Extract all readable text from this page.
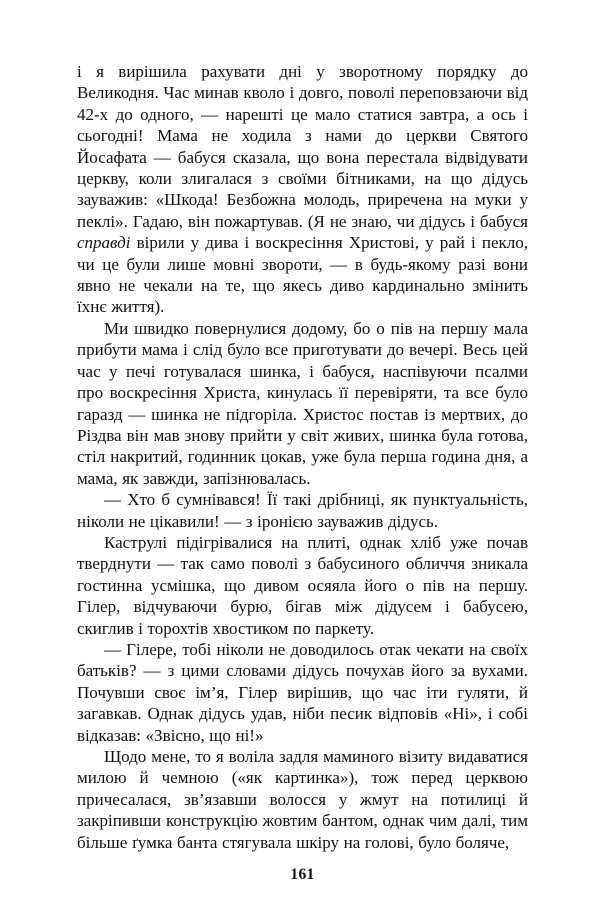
і я вирішила рахувати дні у зворотному порядку до Великодня. Час минав кволо і довго, поволі переповзаючи від 42-х до одного, — нарешті це мало статися завтра, а ось і сьогодні! Мама не ходила з нами до церкви Святого Йосафата — бабуся сказала, що вона перестала відвідувати церкву, коли злигалася з своїми бітниками, на що дідусь зауважив: «Шкода! Безбожна молодь, приречена на муки у пеклі». Гадаю, він пожартував. (Я не знаю, чи дідусь і бабуся справді вірили у дива і воскресіння Христові, у рай і пекло, чи це були лише мовні звороти, — в будь-якому разі вони явно не чекали на те, що якесь диво кардинально змінить їхнє життя).

Ми швидко повернулися додому, бо о пів на першу мала прибути мама і слід було все приготувати до вечері. Весь цей час у печі готувалася шинка, і бабуся, наспівуючи псалми про воскресіння Христа, кинулась її перевіряти, та все було гаразд — шинка не підгоріла. Христос постав із мертвих, до Різдва він мав знову прийти у світ живих, шинка була готова, стіл накритий, годинник цокав, уже була перша година дня, а мама, як завжди, запізнювалась.

— Хто б сумнівався! Її такі дрібниці, як пунктуальність, ніколи не цікавили! — з іронією зауважив дідусь.

Каструлі підігрівалися на плиті, однак хліб уже почав тверднути — так само поволі з бабусиного обличчя зникала гостинна усмішка, що дивом осяяла його о пів на першу. Гілер, відчуваючи бурю, бігав між дідусем і бабусею, скиглив і торохтів хвостиком по паркету.

— Гілере, тобі ніколи не доводилось отак чекати на своїх батьків? — з цими словами дідусь почухав його за вухами. Почувши своє ім’я, Гілер вирішив, що час іти гуляти, й загавкав. Однак дідусь удав, ніби песик відповів «Ні», і собі відказав: «Звісно, що ні!»

Щодо мене, то я воліла задля маминого візиту видаватися милою й чемною («як картинка»), тож перед церквою причесалася, зв’язавши волосся у жмут на потилиці й закріпивши конструкцію жовтим бантом, однак чим далі, тим більше ґумка банта стягувала шкіру на голові, було боляче,

161
